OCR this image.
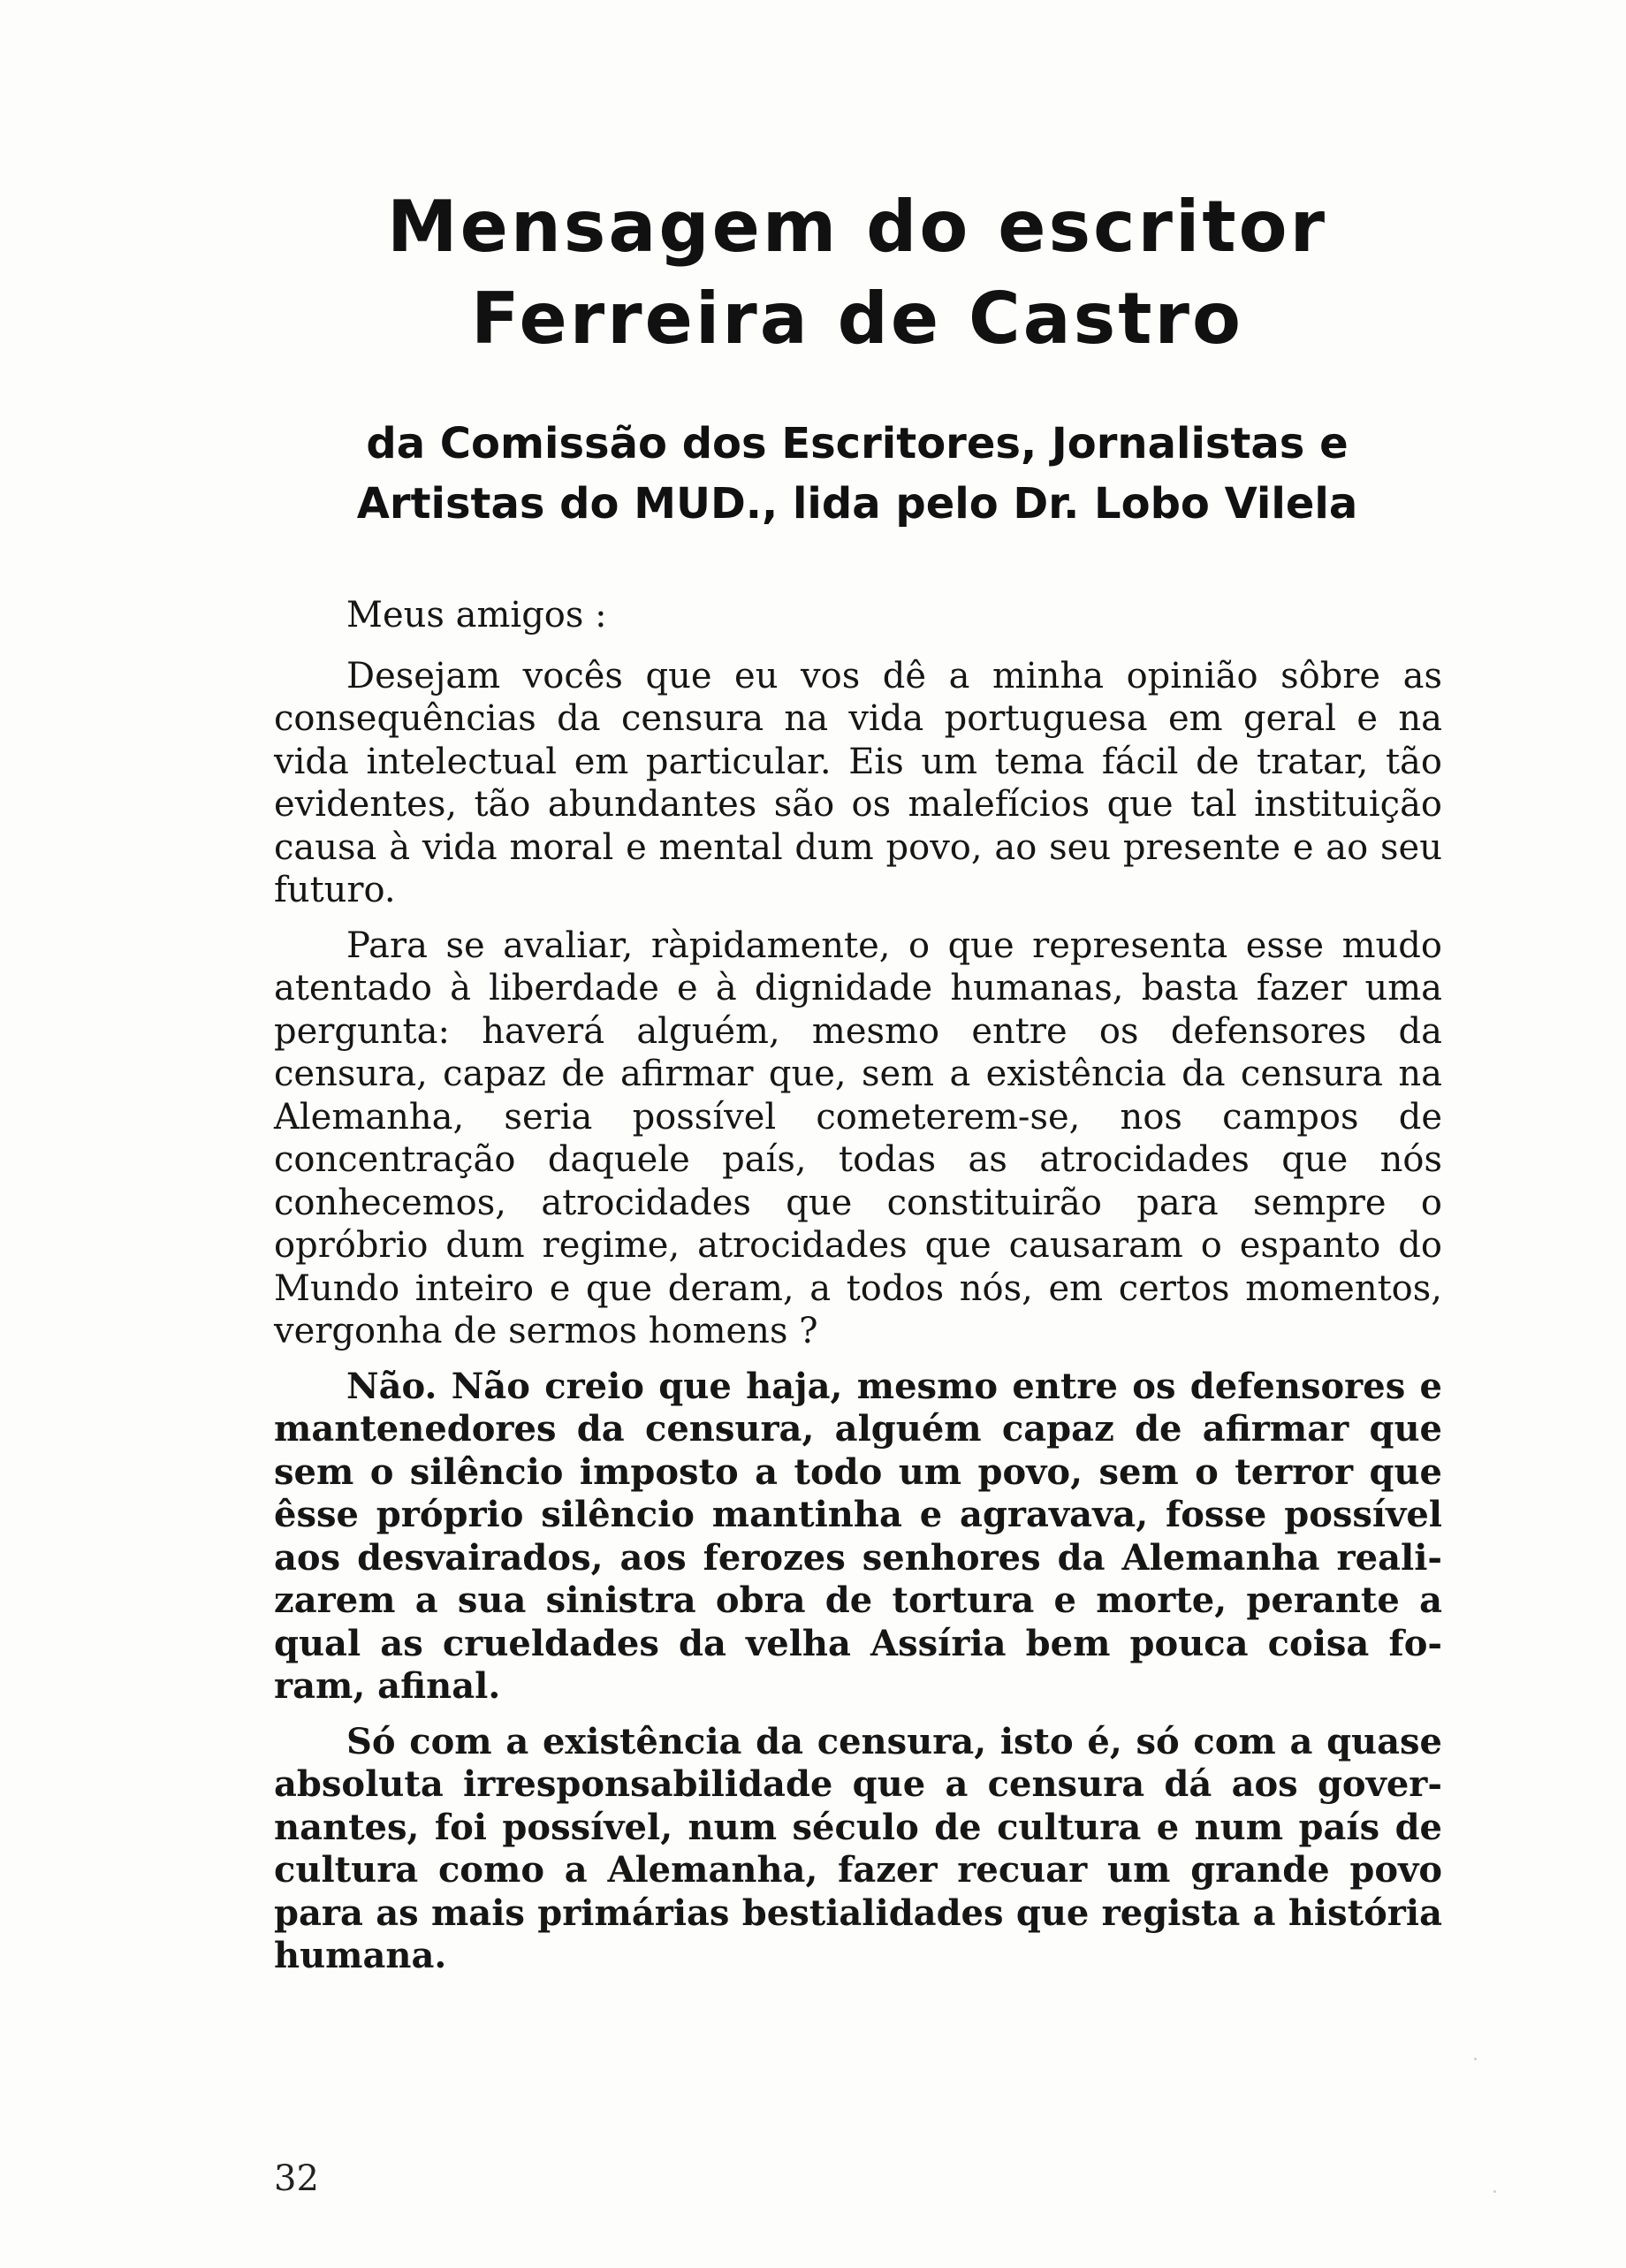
Mensagem do escritor Ferreira de Castro
da Comissão dos Escritores, Jornalistas e Artistas do MUD., lida pelo Dr. Lobo Vilela

Meus amigos :

Desejam vocês que eu vos dê a minha opinião sôbre as consequências da censura na vida portuguesa em geral e na vida intelectual em particular. Eis um tema fácil de tratar, tão evidentes, tão abundantes são os malefícios que tal instituição causa à vida moral e mental dum povo, ao seu presente e ao seu futuro.

Para se avaliar, ràpidamente, o que representa esse mudo atentado à liberdade e à dignidade humanas, basta fazer uma pergunta: haverá alguém, mesmo entre os defensores da censura, capaz de afirmar que, sem a existência da censura na Alemanha, seria possível cometerem-se, nos campos de concentração daquele país, todas as atrocidades que nós conhecemos, atrocidades que constituirão para sempre o opróbrio dum regime, atrocidades que causaram o espanto do Mundo inteiro e que deram, a todos nós, em certos momentos, vergonha de sermos homens ?

Não. Não creio que haja, mesmo entre os defensores e mantenedores da censura, alguém capaz de afirmar que sem o silêncio imposto a todo um povo, sem o terror que êsse próprio silêncio mantinha e agravava, fosse possível aos desvairados, aos ferozes senhores da Alemanha realizarem a sua sinistra obra de tortura e morte, perante a qual as crueldades da velha Assíria bem pouca coisa foram, afinal.

Só com a existência da censura, isto é, só com a quase absoluta irresponsabilidade que a censura dá aos governantes, foi possível, num século de cultura e num país de cultura como a Alemanha, fazer recuar um grande povo para as mais primárias bestialidades que regista a história humana.

32
